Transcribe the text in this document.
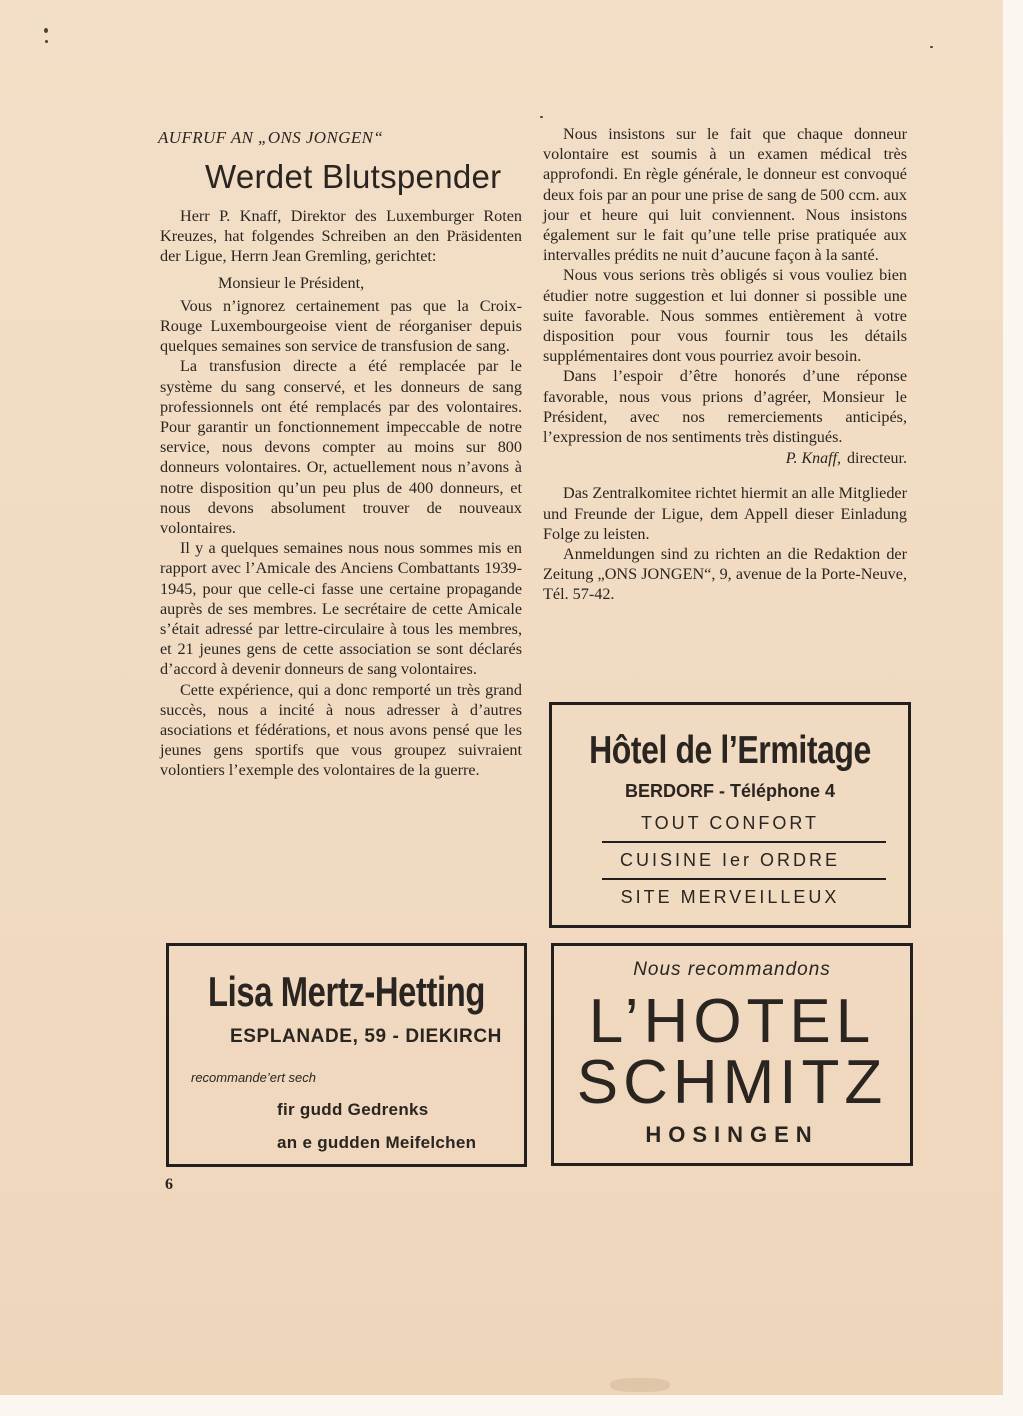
AUFRUF AN „ONS JONGEN“
Werdet Blutspender

Herr P. Knaff, Direktor des Luxemburger Roten Kreuzes, hat folgendes Schreiben an den Präsidenten der Ligue, Herrn Jean Gremling, gerichtet:

Monsieur le Président,

Vous n’ignorez certainement pas que la Croix-Rouge Luxembourgeoise vient de réorganiser depuis quelques semaines son service de transfusion de sang.

La transfusion directe a été remplacée par le système du sang conservé, et les donneurs de sang professionnels ont été remplacés par des volontaires. Pour garantir un fonctionnement impeccable de notre service, nous devons compter au moins sur 800 donneurs volontaires. Or, actuellement nous n’avons à notre disposition qu’un peu plus de 400 donneurs, et nous devons absolument trouver de nouveaux volontaires.

Il y a quelques semaines nous nous sommes mis en rapport avec l’Amicale des Anciens Combattants 1939-1945, pour que celle-ci fasse une certaine propagande auprès de ses membres. Le secrétaire de cette Amicale s’était adressé par lettre-circulaire à tous les membres, et 21 jeunes gens de cette association se sont déclarés d’accord à devenir donneurs de sang volontaires.

Cette expérience, qui a donc remporté un très grand succès, nous a incité à nous adresser à d’autres asociations et fédérations, et nous avons pensé que les jeunes gens sportifs que vous groupez suivraient volontiers l’exemple des volontaires de la guerre.

Nous insistons sur le fait que chaque donneur volontaire est soumis à un examen médical très approfondi. En règle générale, le donneur est convoqué deux fois par an pour une prise de sang de 500 ccm. aux jour et heure qui luit conviennent. Nous insistons également sur le fait qu’une telle prise pratiquée aux intervalles prédits ne nuit d’aucune façon à la santé.

Nous vous serions très obligés si vous vouliez bien étudier notre suggestion et lui donner si possible une suite favorable. Nous sommes entièrement à votre disposition pour vous fournir tous les détails supplémentaires dont vous pourriez avoir besoin.

Dans l’espoir d’être honorés d’une réponse favorable, nous vous prions d’agréer, Monsieur le Président, avec nos remerciements anticipés, l’expression de nos sentiments très distingués.

P. Knaff, directeur.

Das Zentralkomitee richtet hiermit an alle Mitglieder und Freunde der Ligue, dem Appell dieser Einladung Folge zu leisten.

Anmeldungen sind zu richten an die Redaktion der Zeitung „ONS JONGEN“, 9, avenue de la Porte-Neuve, Tél. 57-42.

Hôtel de l’Ermitage
BERDORF - Téléphone 4
TOUT CONFORT
CUISINE Ier ORDRE
SITE MERVEILLEUX
Lisa Mertz-Hetting
ESPLANADE, 59 - DIEKIRCH
recommande’ert sech
fir gudd Gedrenks
an e gudden Meifelchen
Nous recommandons
L’HOTEL
SCHMITZ
HOSINGEN
6
